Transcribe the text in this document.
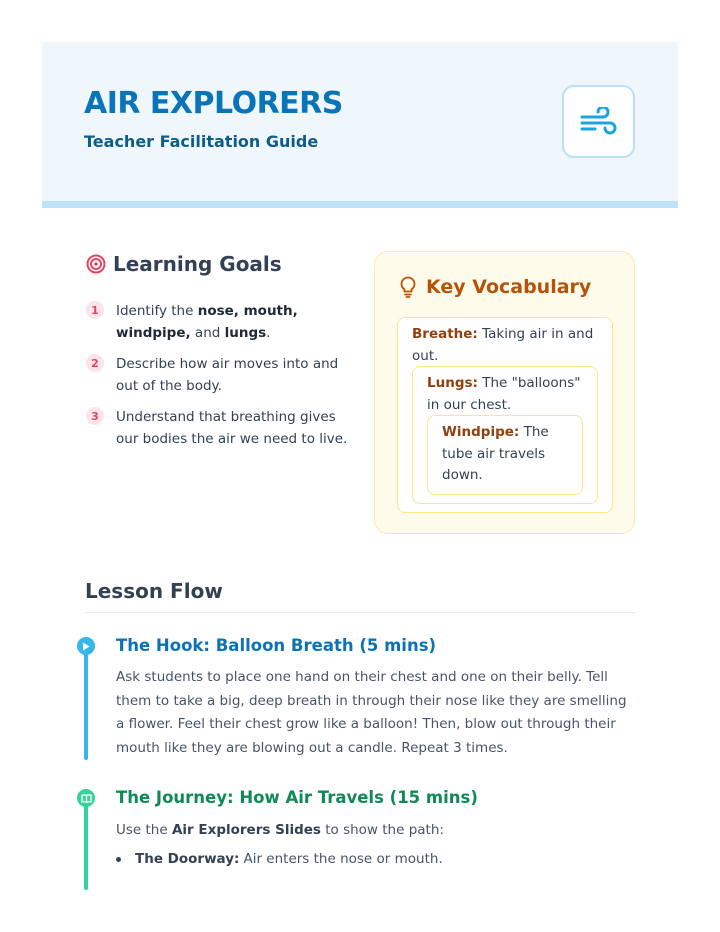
AIR EXPLORERS
Teacher Facilitation Guide
Learning Goals
1	Identify the nose, mouth, windpipe, and lungs.
2	Describe how air moves into and out of the body.
3	Understand that breathing gives our bodies the air we need to live.
Key Vocabulary
Breathe: Taking air in and out.
Lungs: The "balloons" in our chest.
Windpipe: The tube air travels down.
Lesson Flow
The Hook: Balloon Breath (5 mins)
Ask students to place one hand on their chest and one on their belly. Tell them to take a big, deep breath in through their nose like they are smelling a flower. Feel their chest grow like a balloon! Then, blow out through their mouth like they are blowing out a candle. Repeat 3 times.
The Journey: How Air Travels (15 mins)
Use the Air Explorers Slides to show the path:
The Doorway: Air enters the nose or mouth.
